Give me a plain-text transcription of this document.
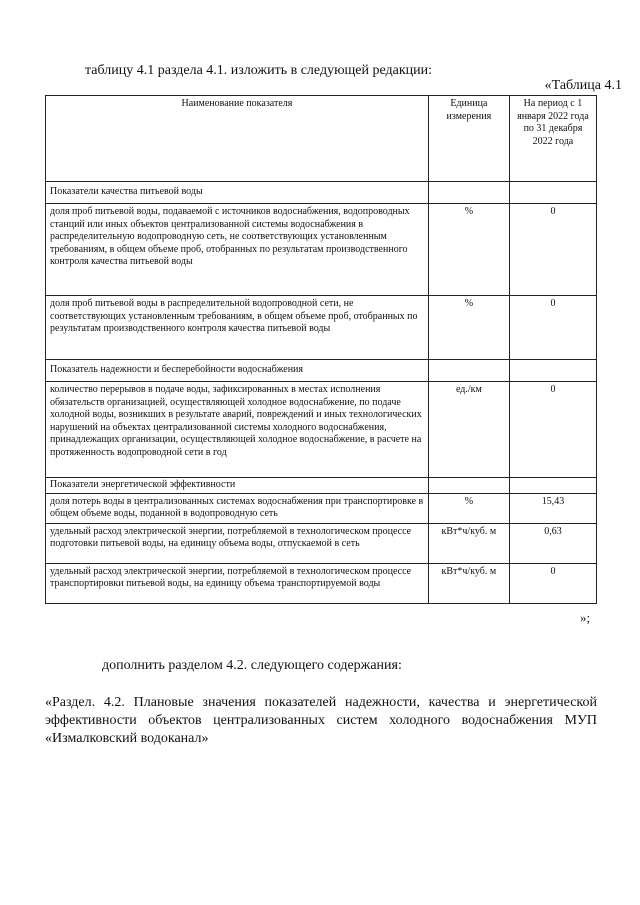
таблицу 4.1 раздела 4.1. изложить в следующей редакции:
«Таблица 4.1
Наименование показателя	Единица измерения	На период с 1 января 2022 года по 31 декабря 2022 года
Показатели качества питьевой воды		
доля проб питьевой воды, подаваемой с источников водоснабжения, водопроводных станций или иных объектов централизованной системы водоснабжения в распределительную водопроводную сеть, не соответствующих установленным требованиям, в общем объеме проб, отобранных по результатам производственного контроля качества питьевой воды	%	0
доля проб питьевой воды в распределительной водопроводной сети, не соответствующих установленным требованиям, в общем объеме проб, отобранных по результатам производственного контроля качества питьевой воды	%	0
Показатель надежности и бесперебойности водоснабжения		
количество перерывов в подаче воды, зафиксированных в местах исполнения обязательств организацией, осуществляющей холодное водоснабжение, по подаче холодной воды, возникших в результате аварий, повреждений и иных технологических нарушений на объектах централизованной системы холодного водоснабжения, принадлежащих организации, осуществляющей холодное водоснабжение, в расчете на протяженность водопроводной сети в год	ед./км	0
Показатели энергетической эффективности		
доля потерь воды в централизованных системах водоснабжения при транспортировке в общем объеме воды, поданной в водопроводную сеть	%	15,43
удельный расход электрической энергии, потребляемой в технологическом процессе подготовки питьевой воды, на единицу объема воды, отпускаемой в сеть	кВт*ч/куб. м	0,63
удельный расход электрической энергии, потребляемой в технологическом процессе транспортировки питьевой воды, на единицу объема транспортируемой воды	кВт*ч/куб. м	0
»;
дополнить разделом 4.2. следующего содержания:
«Раздел. 4.2. Плановые значения показателей надежности, качества и энергетической эффективности объектов централизованных систем холодного водоснабжения МУП «Измалковский водоканал»
